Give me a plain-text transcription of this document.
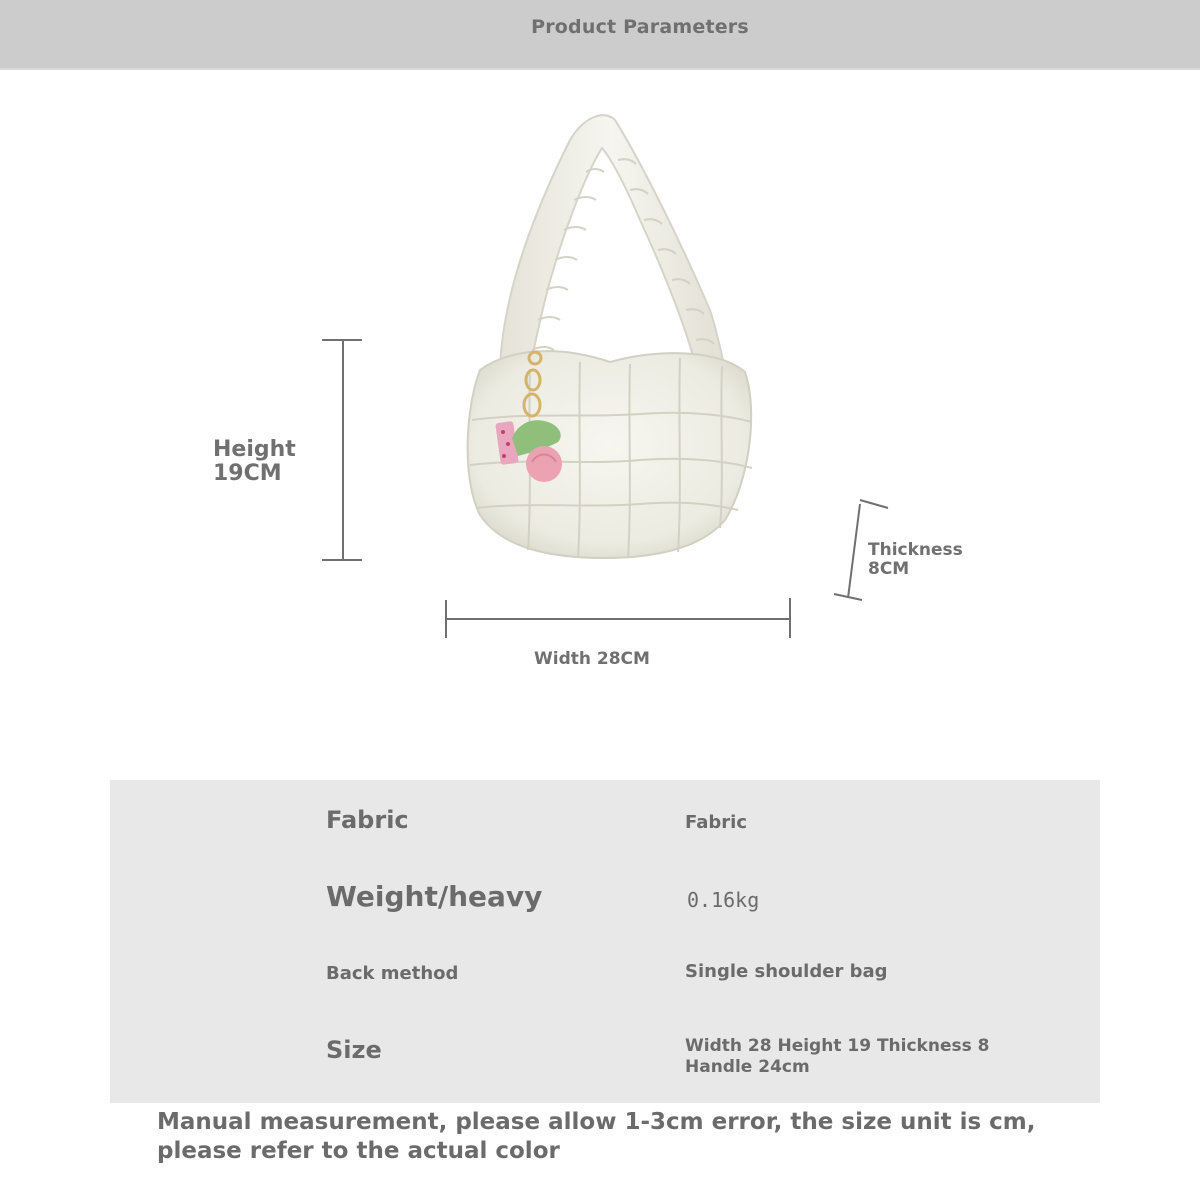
Product Parameters
Height
19CM
Width 28CM
Thickness
8CM
Fabric	Fabric
Weight/heavy	0.16kg
Back method	Single shoulder bag
Size	Width 28 Height 19 Thickness 8
Handle 24cm
Manual measurement, please allow 1-3cm error, the size unit is cm,
please refer to the actual color
